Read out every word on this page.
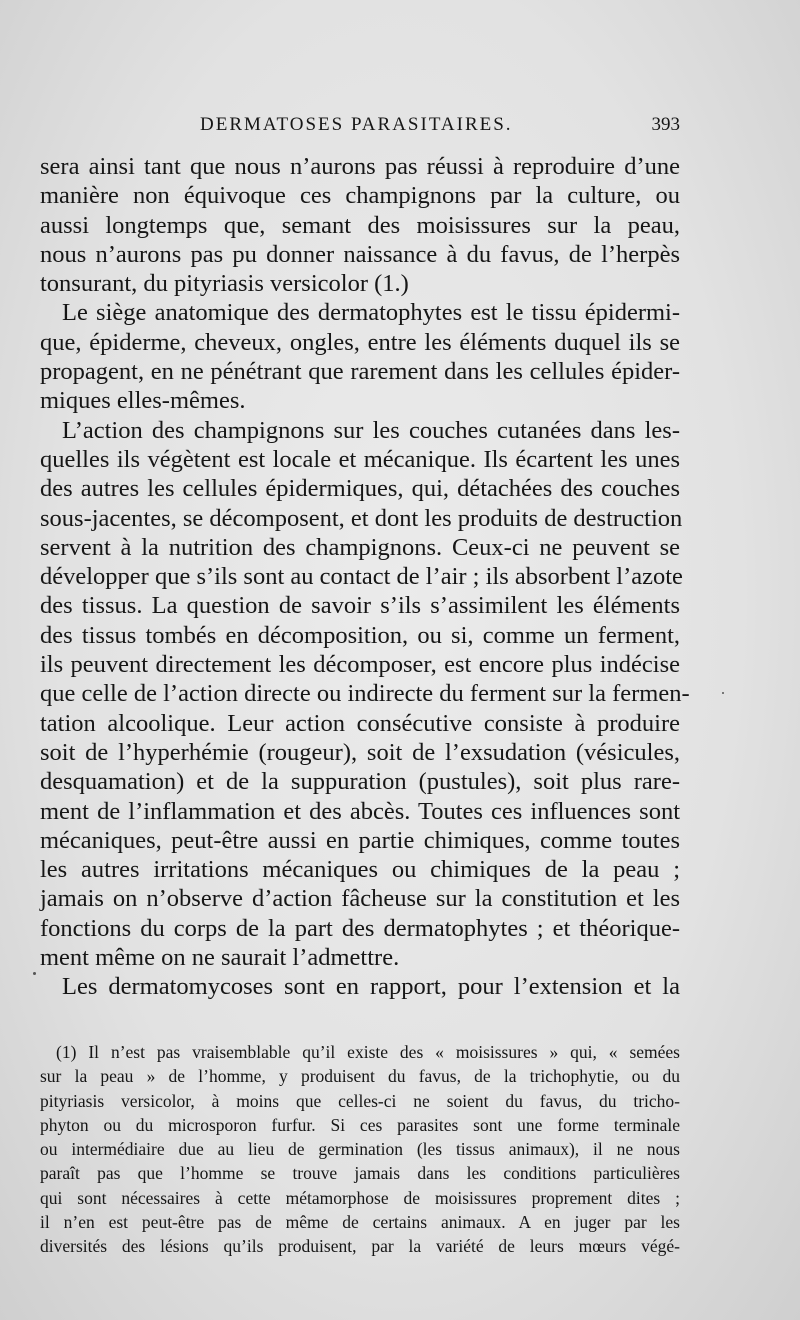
DERMATOSES PARASITAIRES.	393
sera ainsi tant que nous n’aurons pas réussi à reproduire d’une
manière non équivoque ces champignons par la culture, ou
aussi longtemps que, semant des moisissures sur la peau,
nous n’aurons pas pu donner naissance à du favus, de l’herpès
tonsurant, du pityriasis versicolor (1.)
Le siège anatomique des dermatophytes est le tissu épidermi-
que, épiderme, cheveux, ongles, entre les éléments duquel ils se
propagent, en ne pénétrant que rarement dans les cellules épider-
miques elles-mêmes.
L’action des champignons sur les couches cutanées dans les-
quelles ils végètent est locale et mécanique. Ils écartent les unes
des autres les cellules épidermiques, qui, détachées des couches
sous-jacentes, se décomposent, et dont les produits de destruction
servent à la nutrition des champignons. Ceux-ci ne peuvent se
développer que s’ils sont au contact de l’air ; ils absorbent l’azote
des tissus. La question de savoir s’ils s’assimilent les éléments
des tissus tombés en décomposition, ou si, comme un ferment,
ils peuvent directement les décomposer, est encore plus indécise
que celle de l’action directe ou indirecte du ferment sur la fermen-
tation alcoolique. Leur action consécutive consiste à produire
soit de l’hyperhémie (rougeur), soit de l’exsudation (vésicules,
desquamation) et de la suppuration (pustules), soit plus rare-
ment de l’inflammation et des abcès. Toutes ces influences sont
mécaniques, peut-être aussi en partie chimiques, comme toutes
les autres irritations mécaniques ou chimiques de la peau ;
jamais on n’observe d’action fâcheuse sur la constitution et les
fonctions du corps de la part des dermatophytes ; et théorique-
ment même on ne saurait l’admettre.
Les dermatomycoses sont en rapport, pour l’extension et la
(1) Il n’est pas vraisemblable qu’il existe des « moisissures » qui, « semées
sur la peau » de l’homme, y produisent du favus, de la trichophytie, ou du
pityriasis versicolor, à moins que celles-ci ne soient du favus, du tricho-
phyton ou du microsporon furfur. Si ces parasites sont une forme terminale
ou intermédiaire due au lieu de germination (les tissus animaux), il ne nous
paraît pas que l’homme se trouve jamais dans les conditions particulières
qui sont nécessaires à cette métamorphose de moisissures proprement dites ;
il n’en est peut-être pas de même de certains animaux. A en juger par les
diversités des lésions qu’ils produisent, par la variété de leurs mœurs végé-
